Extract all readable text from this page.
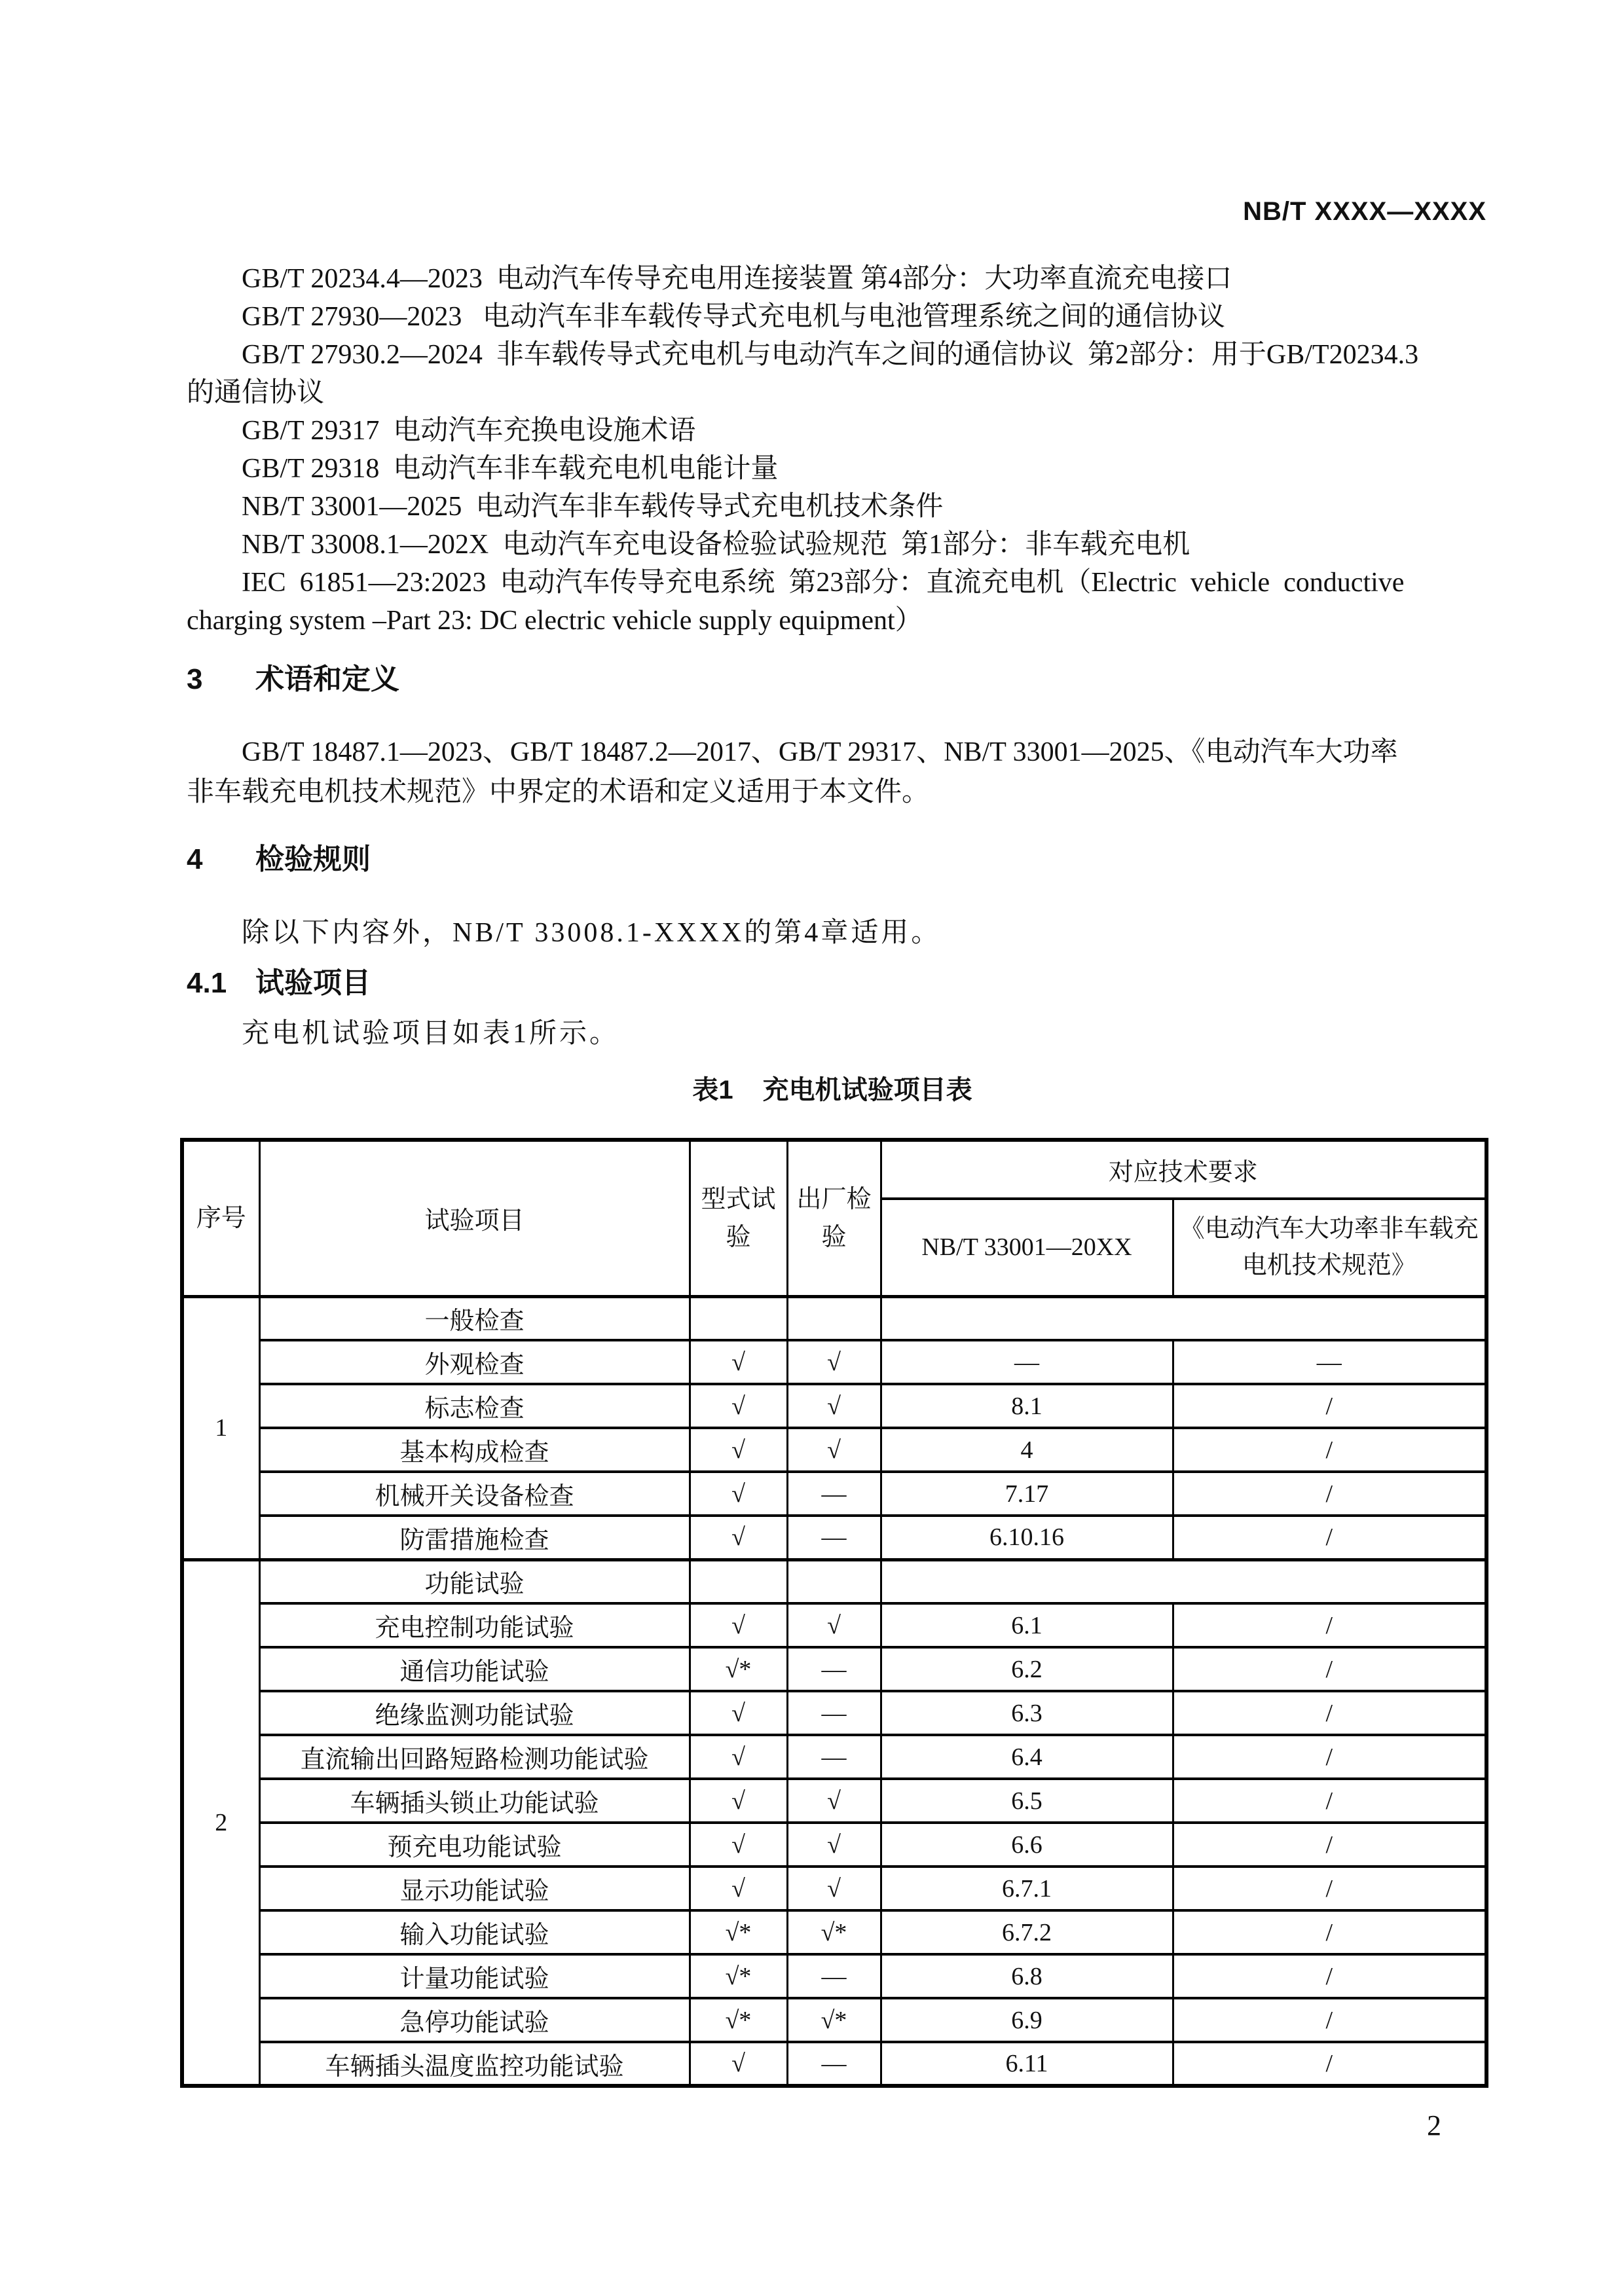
NB/T XXXX—XXXX
GB/T 20234.4—2023  电动汽车传导充电用连接装置 第4部分：大功率直流充电接口
GB/T 27930—2023   电动汽车非车载传导式充电机与电池管理系统之间的通信协议
GB/T 27930.2—2024  非车载传导式充电机与电动汽车之间的通信协议  第2部分：用于GB/T20234.3
的通信协议
GB/T 29317  电动汽车充换电设施术语
GB/T 29318  电动汽车非车载充电机电能计量
NB/T 33001—2025  电动汽车非车载传导式充电机技术条件
NB/T 33008.1—202X  电动汽车充电设备检验试验规范  第1部分：非车载充电机
IEC  61851—23:2023  电动汽车传导充电系统  第23部分：直流充电机（Electric  vehicle  conductive
charging system –Part 23: DC electric vehicle supply equipment）
3 术语和定义
GB/T 18487.1—2023、GB/T 18487.2—2017、GB/T 29317、NB/T 33001—2025、《电动汽车大功率
非车载充电机技术规范》中界定的术语和定义适用于本文件。
4 检验规则
除以下内容外，NB/T 33008.1-XXXX的第4章适用。
4.1 试验项目
充电机试验项目如表1所示。
表1 充电机试验项目表
序号	试验项目	型式试验	出厂检验	对应技术要求	
				NB/T 33001—20XX	《电动汽车大功率非车载充电机技术规范》
1	一般检查				
	外观检查	√	√	—	—
	标志检查	√	√	8.1	/
	基本构成检查	√	√	4	/
	机械开关设备检查	√	—	7.17	/
	防雷措施检查	√	—	6.10.16	/
2	功能试验				
	充电控制功能试验	√	√	6.1	/
	通信功能试验	√*	—	6.2	/
	绝缘监测功能试验	√	—	6.3	/
	直流输出回路短路检测功能试验	√	—	6.4	/
	车辆插头锁止功能试验	√	√	6.5	/
	预充电功能试验	√	√	6.6	/
	显示功能试验	√	√	6.7.1	/
	输入功能试验	√*	√*	6.7.2	/
	计量功能试验	√*	—	6.8	/
	急停功能试验	√*	√*	6.9	/
	车辆插头温度监控功能试验	√	—	6.11	/
2
